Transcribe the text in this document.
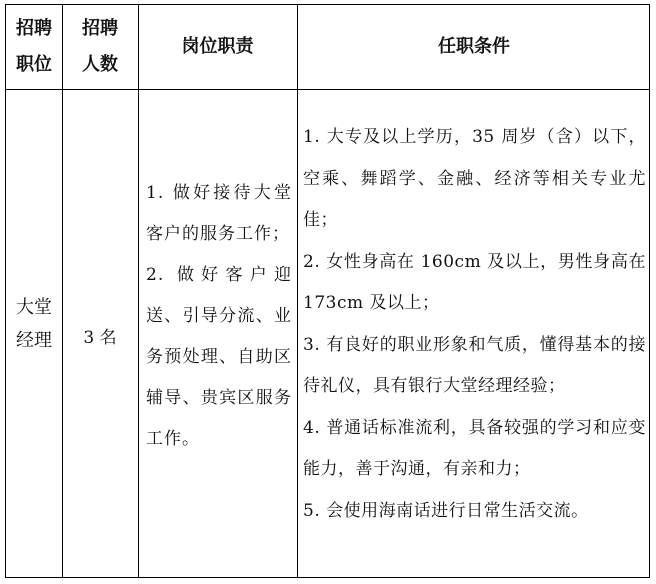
招聘
职位
招聘
人数
岗位职责	任职条件
大堂
经理	3 名

1. 做好接待大堂客户的服务工作；

2. 做好客户迎送、引导分流、业务预处理、自助区辅导、贵宾区服务工作。

1. 大专及以上学历，35 周岁（含）以下，空乘、舞蹈学、金融、经济等相关专业尤佳；

2. 女性身高在 160cm 及以上，男性身高在 173cm 及以上；

3. 有良好的职业形象和气质，懂得基本的接待礼仪，具有银行大堂经理经验；

4. 普通话标准流利，具备较强的学习和应变能力，善于沟通，有亲和力；

5. 会使用海南话进行日常生活交流。
